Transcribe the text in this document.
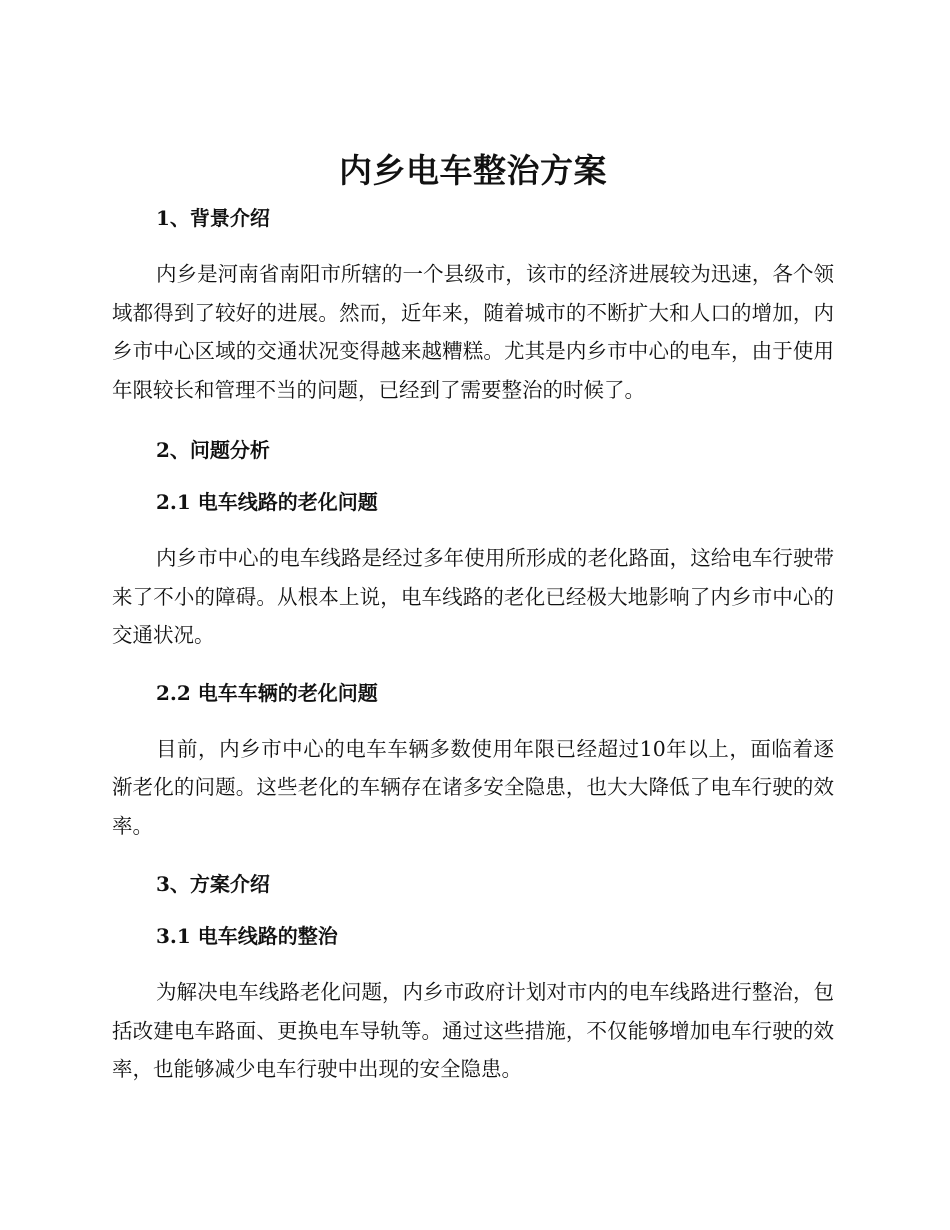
内乡电车整治方案
1、背景介绍

内乡是河南省南阳市所辖的一个县级市，该市的经济进展较为迅速，各个领域都得到了较好的进展。然而，近年来，随着城市的不断扩大和人口的增加，内乡市中心区域的交通状况变得越来越糟糕。尤其是内乡市中心的电车，由于使用年限较长和管理不当的问题，已经到了需要整治的时候了。

2、问题分析
2.1 电车线路的老化问题

内乡市中心的电车线路是经过多年使用所形成的老化路面，这给电车行驶带来了不小的障碍。从根本上说，电车线路的老化已经极大地影响了内乡市中心的交通状况。

2.2 电车车辆的老化问题

目前，内乡市中心的电车车辆多数使用年限已经超过10年以上，面临着逐渐老化的问题。这些老化的车辆存在诸多安全隐患，也大大降低了电车行驶的效率。

3、方案介绍
3.1 电车线路的整治

为解决电车线路老化问题，内乡市政府计划对市内的电车线路进行整治，包括改建电车路面、更换电车导轨等。通过这些措施，不仅能够增加电车行驶的效率，也能够减少电车行驶中出现的安全隐患。
